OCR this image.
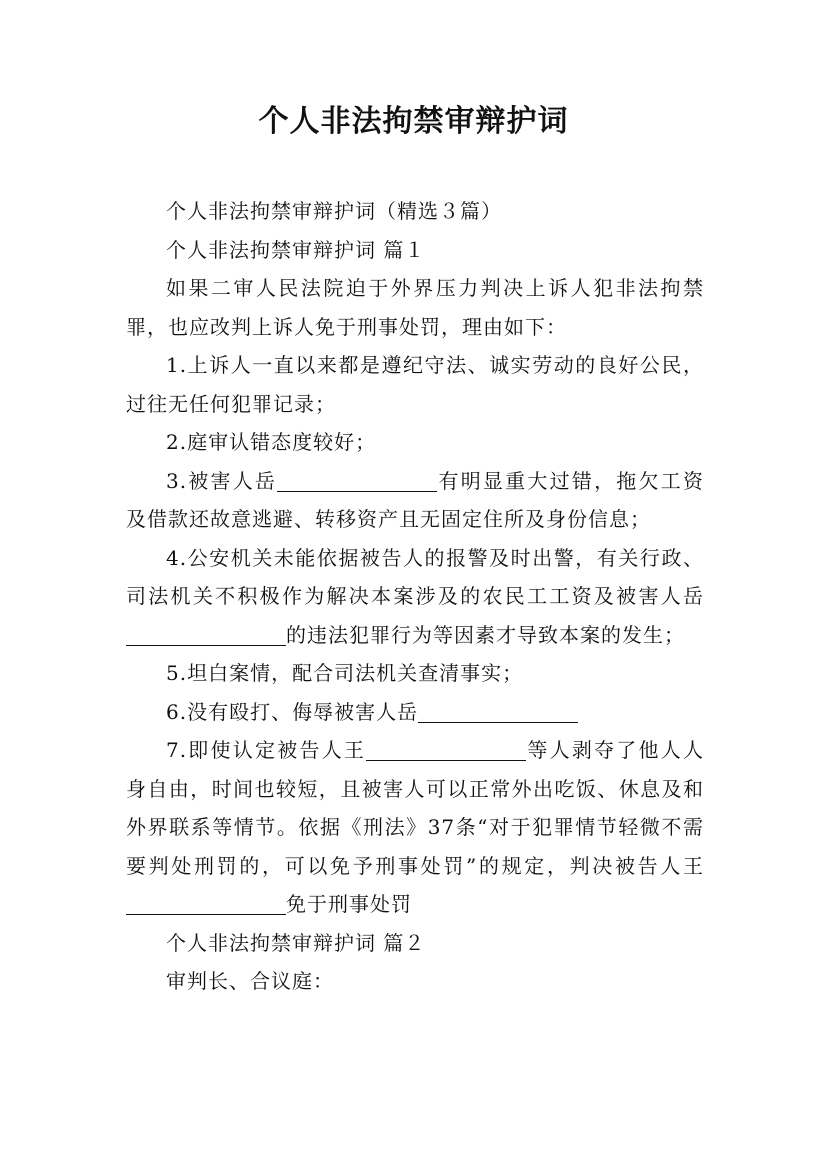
个人非法拘禁审辩护词

个人非法拘禁审辩护词（精选３篇）

个人非法拘禁审辩护词 篇１

如果二审人民法院迫于外界压力判决上诉人犯非法拘禁罪，也应改判上诉人免于刑事处罚，理由如下：

1.上诉人一直以来都是遵纪守法、诚实劳动的良好公民，过往无任何犯罪记录；

2.庭审认错态度较好；

3.被害人岳	有明显重大过错，拖欠工资及借款还故意逃避、转移资产且无固定住所及身份信息；

4.公安机关未能依据被告人的报警及时出警，有关行政、司法机关不积极作为解决本案涉及的农民工工资及被害人岳的违法犯罪行为等因素才导致本案的发生；

5.坦白案情，配合司法机关查清事实；

6.没有殴打、侮辱被害人岳

7.即使认定被告人王	等人剥夺了他人人身自由，时间也较短，且被害人可以正常外出吃饭、休息及和外界联系等情节。依据《刑法》37条“对于犯罪情节轻微不需要判处刑罚的，可以免予刑事处罚”的规定，判决被告人王免于刑事处罚

个人非法拘禁审辩护词 篇２

审判长、合议庭：
